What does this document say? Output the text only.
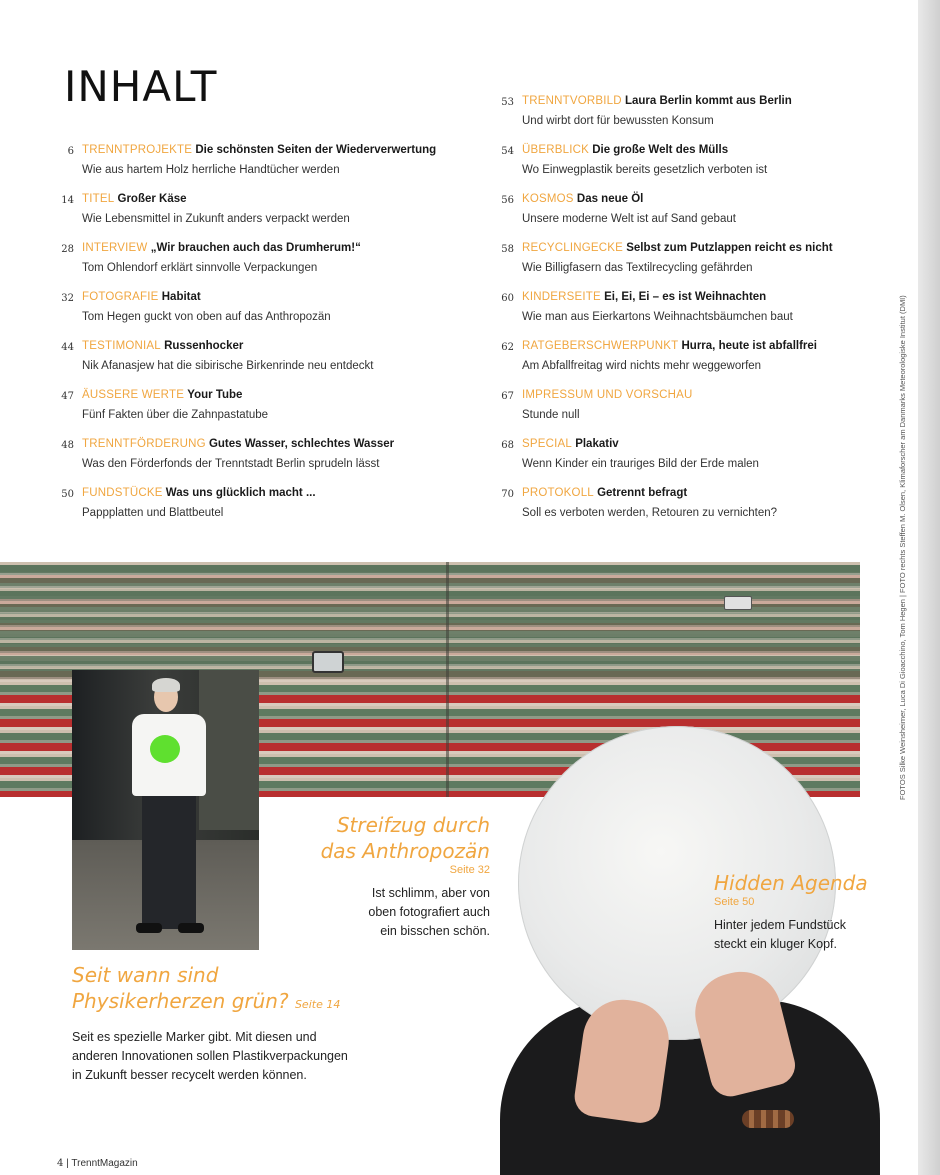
INHALT
6 TRENNTPROJEKTE Die schönsten Seiten der Wiederverwertung
Wie aus hartem Holz herrliche Handtücher werden
14 TITEL Großer Käse
Wie Lebensmittel in Zukunft anders verpackt werden
28 INTERVIEW „Wir brauchen auch das Drumherum!“
Tom Ohlendorf erklärt sinnvolle Verpackungen
32 FOTOGRAFIE Habitat
Tom Hegen guckt von oben auf das Anthropozän
44 TESTIMONIAL Russenhocker
Nik Afanasjew hat die sibirische Birkenrinde neu entdeckt
47 ÄUSSERE WERTE Your Tube
Fünf Fakten über die Zahnpastatube
48 TRENNTFÖRDERUNG Gutes Wasser, schlechtes Wasser
Was den Förderfonds der Trenntstadt Berlin sprudeln lässt
50 FUNDSTÜCKE Was uns glücklich macht ...
Pappplatten und Blattbeutel
53 TRENNTVORBILD Laura Berlin kommt aus Berlin
Und wirbt dort für bewussten Konsum
54 ÜBERBLICK Die große Welt des Mülls
Wo Einwegplastik bereits gesetzlich verboten ist
56 KOSMOS Das neue Öl
Unsere moderne Welt ist auf Sand gebaut
58 RECYCLINGECKE Selbst zum Putzlappen reicht es nicht
Wie Billigfasern das Textilrecycling gefährden
60 KINDERSEITE Ei, Ei, Ei – es ist Weihnachten
Wie man aus Eierkartons Weihnachtsbäumchen baut
62 RATGEBERSCHWERPUNKT Hurra, heute ist abfallfrei
Am Abfallfreitag wird nichts mehr weggeworfen
67 IMPRESSUM UND VORSCHAU
Stunde null
68 SPECIAL Plakativ
Wenn Kinder ein trauriges Bild der Erde malen
70 PROTOKOLL Getrennt befragt
Soll es verboten werden, Retouren zu vernichten?
Streifzug durch
das Anthropozän
Seite 32
Ist schlimm, aber von
oben fotografiert auch
ein bisschen schön.
Seit wann sind
Physikerherzen grün? Seite 14
Seit es spezielle Marker gibt. Mit diesen und
anderen Innovationen sollen Plastikverpackungen
in Zukunft besser recycelt werden können.
Hidden Agenda
Seite 50
Hinter jedem Fundstück
steckt ein kluger Kopf.
FOTOS Silke Weinsheimer, Luca Di Gioacchino, Tom Hegen | FOTO rechts Steffen M. Olsen, Klimaforscher am Danmarks Meteorologiske Institut (DMI)
4 | TrenntMagazin
